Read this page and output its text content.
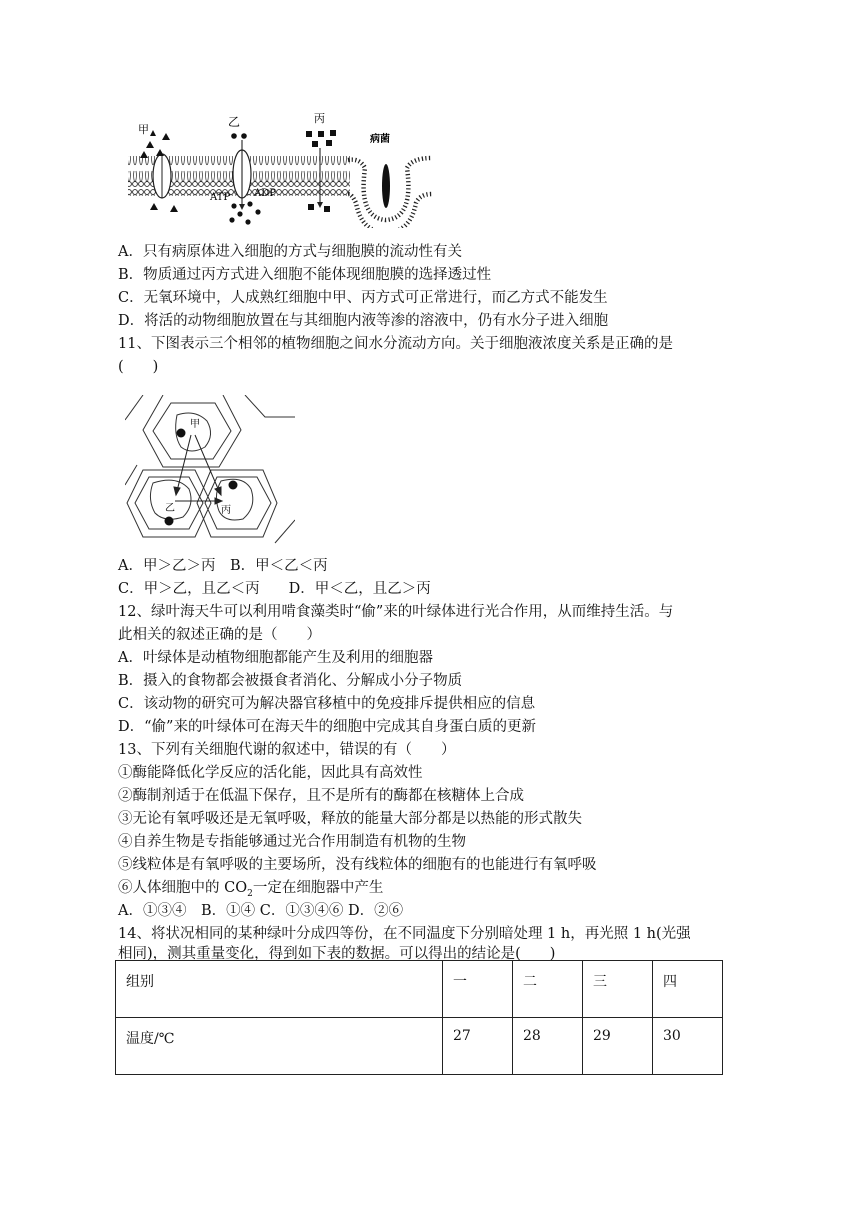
甲
乙	丙
病菌
ATP ADP
A．只有病原体进入细胞的方式与细胞膜的流动性有关
B．物质通过丙方式进入细胞不能体现细胞膜的选择透过性
C．无氧环境中，人成熟红细胞中甲、丙方式可正常进行，而乙方式不能发生
D．将活的动物细胞放置在与其细胞内液等渗的溶液中，仍有水分子进入细胞
11、下图表示三个相邻的植物细胞之间水分流动方向。关于细胞液浓度关系是正确的是
(　　)
甲
乙	丙
A．甲＞乙＞丙　B．甲＜乙＜丙
C．甲＞乙，且乙＜丙　　D．甲＜乙，且乙＞丙
12、绿叶海天牛可以利用啃食藻类时“偷”来的叶绿体进行光合作用，从而维持生活。与
此相关的叙述正确的是（　　）
A．叶绿体是动植物细胞都能产生及利用的细胞器
B．摄入的食物都会被摄食者消化、分解成小分子物质
C．该动物的研究可为解决器官移植中的免疫排斥提供相应的信息
D．“偷”来的叶绿体可在海天牛的细胞中完成其自身蛋白质的更新
13、下列有关细胞代谢的叙述中，错误的有（　　）
①酶能降低化学反应的活化能，因此具有高效性
②酶制剂适于在低温下保存，且不是所有的酶都在核糖体上合成
③无论有氧呼吸还是无氧呼吸，释放的能量大部分都是以热能的形式散失
④自养生物是专指能够通过光合作用制造有机物的生物
⑤线粒体是有氧呼吸的主要场所，没有线粒体的细胞有的也能进行有氧呼吸
⑥人体细胞中的 $CO_2$一定在细胞器中产生
A．①③④　B．①④ C．①③④⑥ D．②⑥
14、将状况相同的某种绿叶分成四等份，在不同温度下分别暗处理 1 h，再光照 1 h(光强
相同)，测其重量变化，得到如下表的数据。可以得出的结论是(　　)
组别	一	二	三	四
温度/℃	27	28	29	30
